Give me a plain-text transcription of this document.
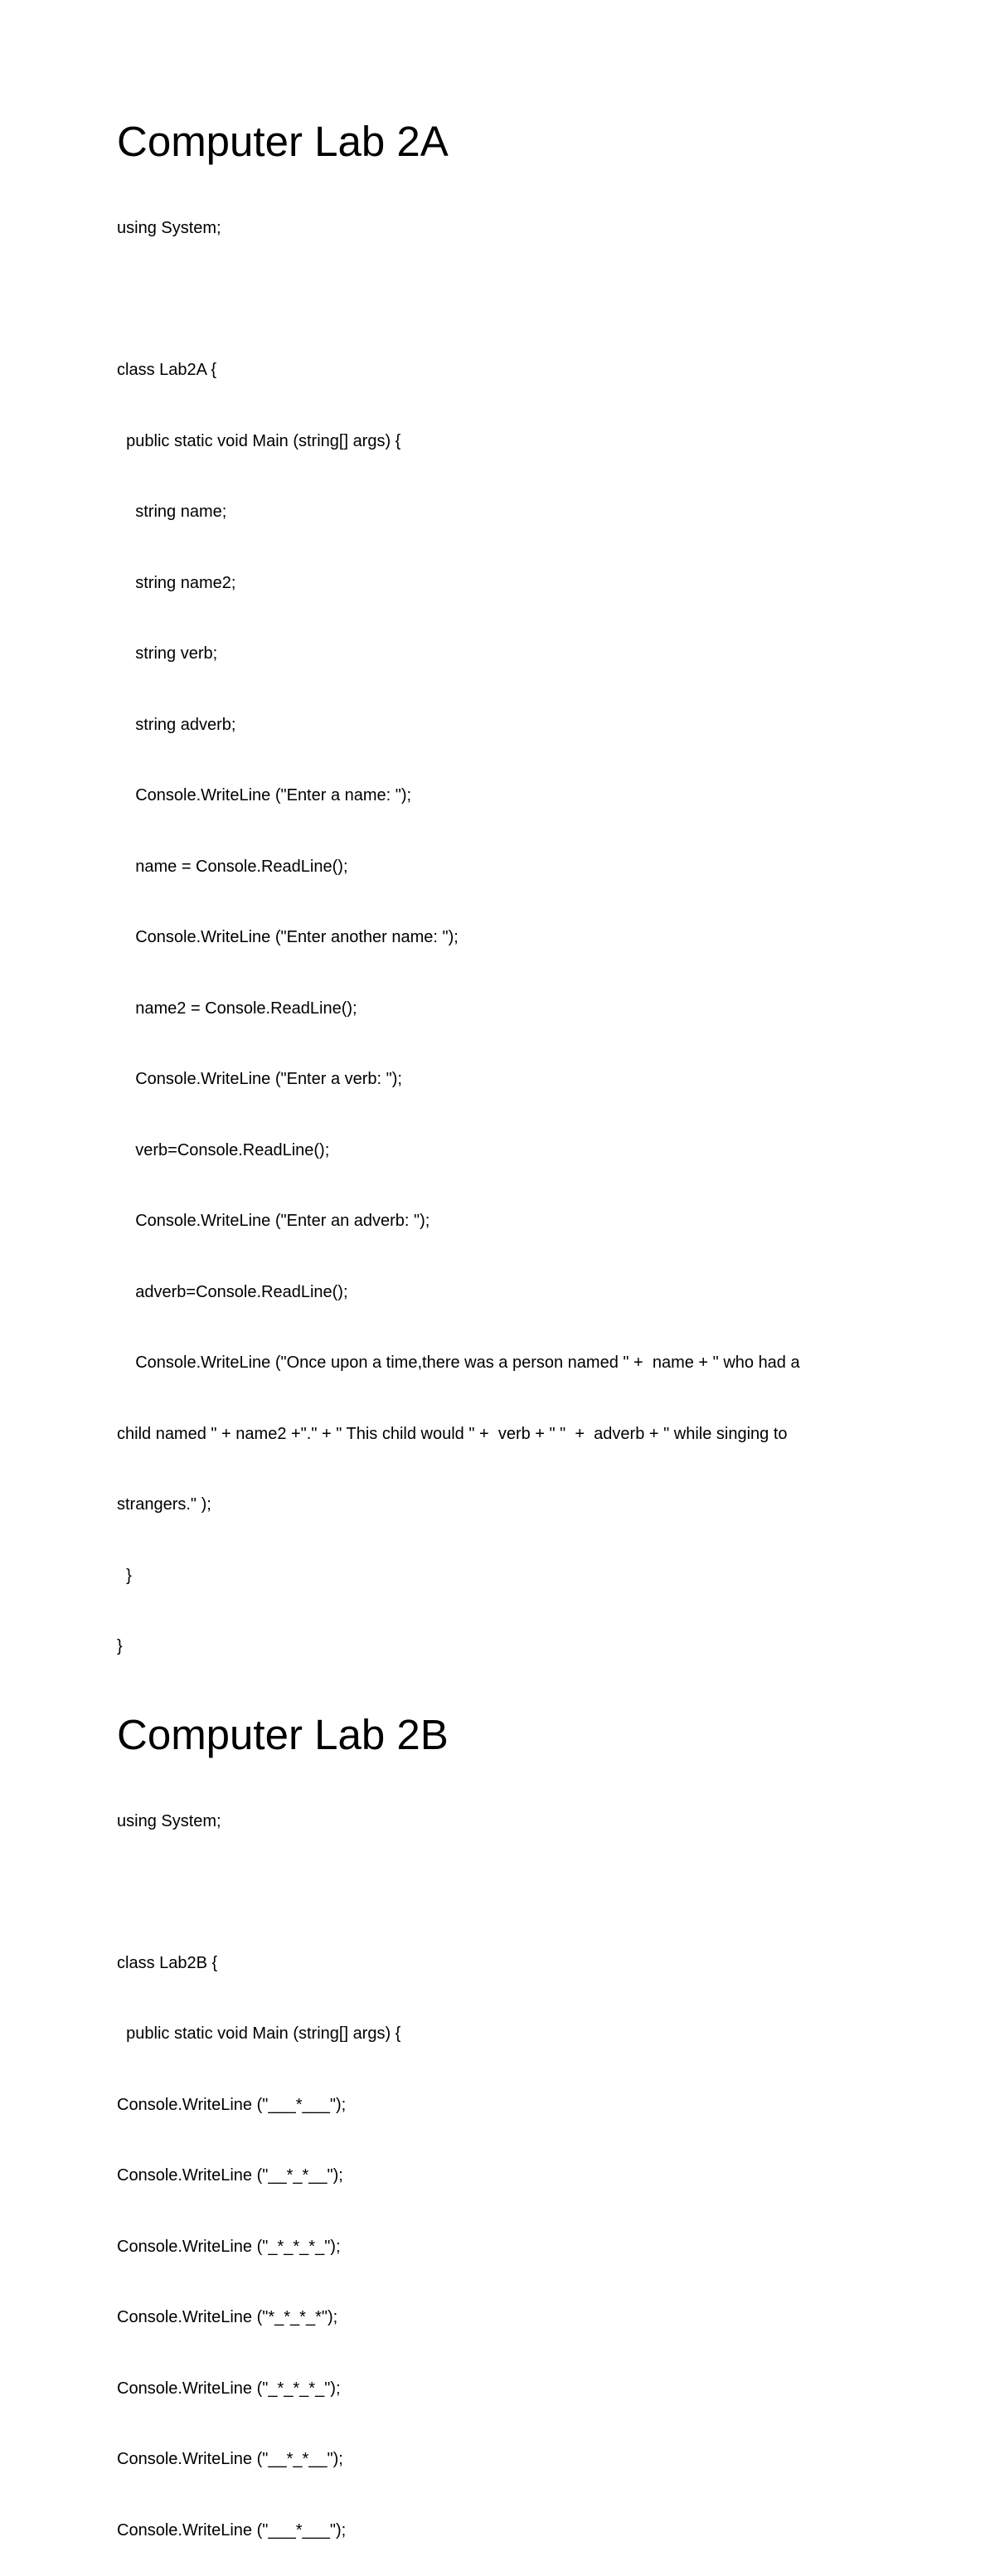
Computer Lab 2A

using System;

class Lab2A {

public static void Main (string[] args) {

string name;

string name2;

string verb;

string adverb;

Console.WriteLine ("Enter a name: ");

name = Console.ReadLine();

Console.WriteLine ("Enter another name: ");

name2 = Console.ReadLine();

Console.WriteLine ("Enter a verb: ");

verb=Console.ReadLine();

Console.WriteLine ("Enter an adverb: ");

adverb=Console.ReadLine();

Console.WriteLine ("Once upon a time,there was a person named " +  name + " who had a

child named " + name2 +"." + " This child would " +  verb + " "  +  adverb + " while singing to

strangers." );

}

}

Computer Lab 2B

using System;

class Lab2B {

public static void Main (string[] args) {

Console.WriteLine ("___*___");

Console.WriteLine ("__*_*__");

Console.WriteLine ("_*_*_*_");

Console.WriteLine ("*_*_*_*");

Console.WriteLine ("_*_*_*_");

Console.WriteLine ("__*_*__");

Console.WriteLine ("___*___");
